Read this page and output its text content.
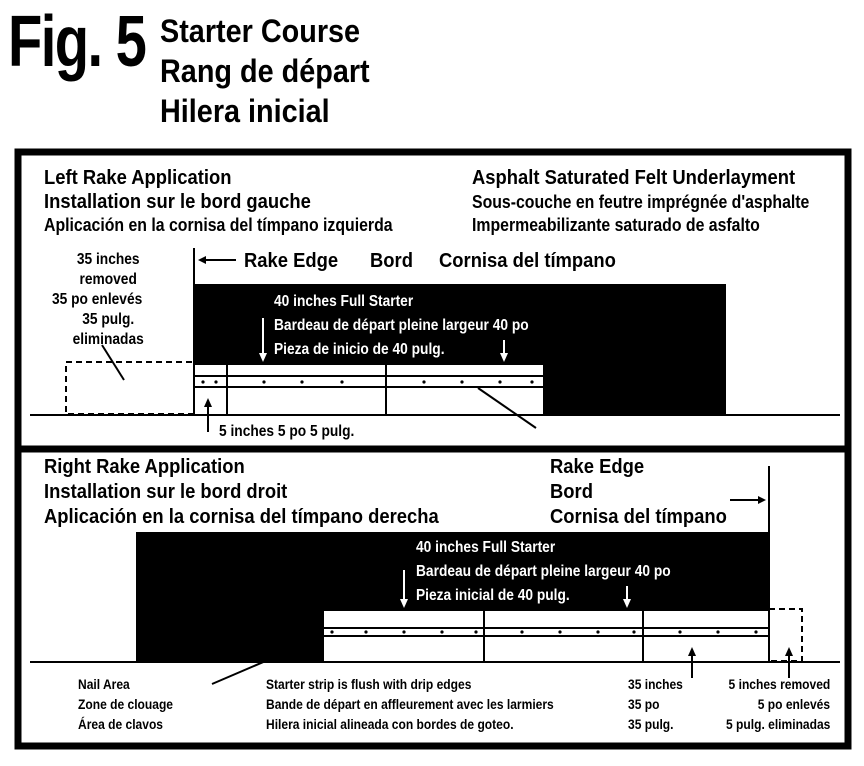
Fig. 5 Starter Course
Rang de départ
Hilera inicial
Left Rake Application
Installation sur le bord gauche
Aplicación en la cornisa del tímpano izquierda
Asphalt Saturated Felt Underlayment
Sous-couche en feutre imprégnée d'asphalte
Impermeabilizante saturado de asfalto
35 inches
removed
35 po enlevés
35 pulg.
eliminadas
Rake Edge Bord Cornisa del tímpano
40 inches Full Starter
Bardeau de départ pleine largeur 40 po
Pieza de inicio de 40 pulg.
5 inches 5 po 5 pulg.
Right Rake Application
Installation sur le bord droit
Aplicación en la cornisa del tímpano derecha
Rake Edge
Bord
Cornisa del tímpano
40 inches Full Starter
Bardeau de départ pleine largeur 40 po
Pieza inicial de 40 pulg.
Nail Area
Zone de clouage
Área de clavos
Starter strip is flush with drip edges
Bande de départ en affleurement avec les larmiers
Hilera inicial alineada con bordes de goteo.
35 inches
35 po
35 pulg.
5 inches removed
5 po enlevés
5 pulg. eliminadas
